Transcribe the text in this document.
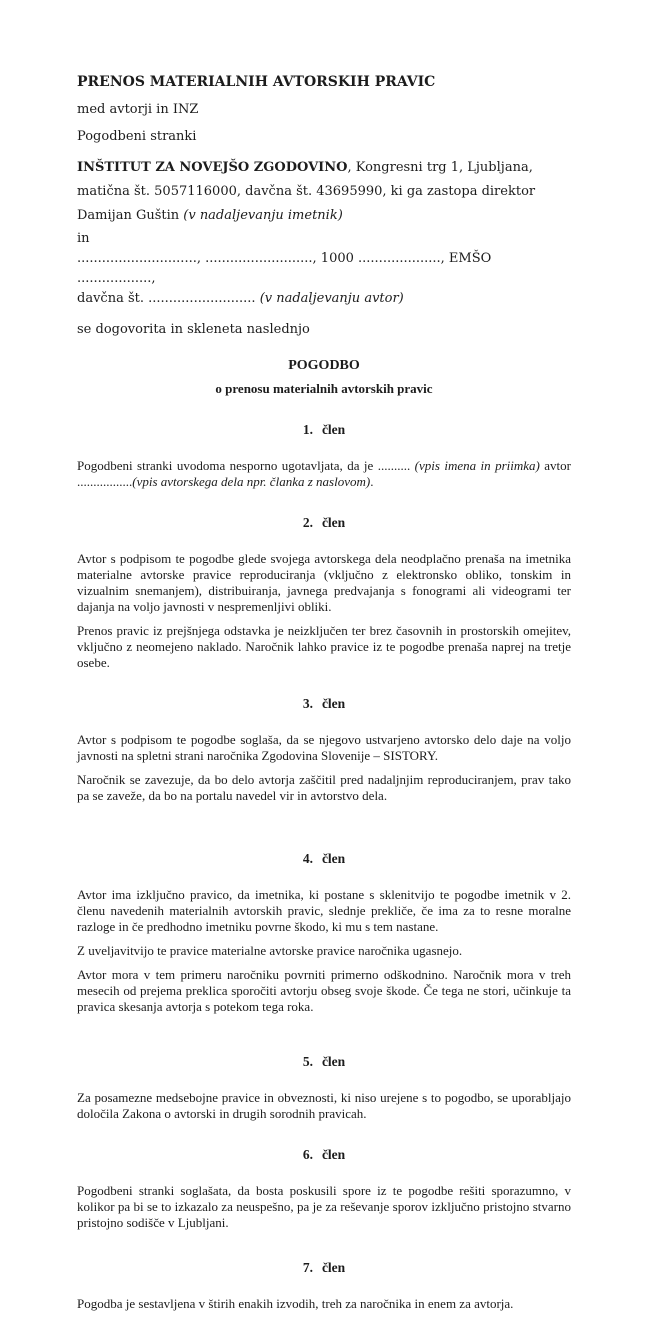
PRENOS MATERIALNIH AVTORSKIH PRAVIC

med avtorji in INZ

Pogodbeni stranki

INŠTITUT ZA NOVEJŠO ZGODOVINO, Kongresni trg 1, Ljubljana, matična št. 5057116000, davčna št. 43695990, ki ga zastopa direktor Damijan Guštin (v nadaljevanju imetnik)

in

............................., .........................., 1000 ...................., EMŠO ..................,

davčna št. .......................... (v nadaljevanju avtor)

se dogovorita in skleneta naslednjo

POGODBO
o prenosu materialnih avtorskih pravic
1. člen

Pogodbeni stranki uvodoma nesporno ugotavljata, da je .......... (vpis imena in priimka) avtor .................(vpis avtorskega dela npr. članka z naslovom).

2. člen

Avtor s podpisom te pogodbe glede svojega avtorskega dela neodplačno prenaša na imetnika materialne avtorske pravice reproduciranja (vključno z elektronsko obliko, tonskim in vizualnim snemanjem), distribuiranja, javnega predvajanja s fonogrami ali videogrami ter dajanja na voljo javnosti v nespremenljivi obliki.

Prenos pravic iz prejšnjega odstavka je neizključen ter brez časovnih in prostorskih omejitev, vključno z neomejeno naklado. Naročnik lahko pravice iz te pogodbe prenaša naprej na tretje osebe.

3. člen

Avtor s podpisom te pogodbe soglaša, da se njegovo ustvarjeno avtorsko delo daje na voljo javnosti na spletni strani naročnika Zgodovina Slovenije – SISTORY.

Naročnik se zavezuje, da bo delo avtorja zaščitil pred nadaljnjim reproduciranjem, prav tako pa se zaveže, da bo na portalu navedel vir in avtorstvo dela.

4. člen

Avtor ima izključno pravico, da imetnika, ki postane s sklenitvijo te pogodbe imetnik v 2. členu navedenih materialnih avtorskih pravic, slednje prekliče, če ima za to resne moralne razloge in če predhodno imetniku povrne škodo, ki mu s tem nastane.

Z uveljavitvijo te pravice materialne avtorske pravice naročnika ugasnejo.

Avtor mora v tem primeru naročniku povrniti primerno odškodnino. Naročnik mora v treh mesecih od prejema preklica sporočiti avtorju obseg svoje škode. Če tega ne stori, učinkuje ta pravica skesanja avtorja s potekom tega roka.

5. člen

Za posamezne medsebojne pravice in obveznosti, ki niso urejene s to pogodbo, se uporabljajo določila Zakona o avtorski in drugih sorodnih pravicah.

6. člen

Pogodbeni stranki soglašata, da bosta poskusili spore iz te pogodbe rešiti sporazumno, v kolikor pa bi se to izkazalo za neuspešno, pa je za reševanje sporov izključno pristojno stvarno pristojno sodišče v Ljubljani.

7. člen

Pogodba je sestavljena v štirih enakih izvodih, treh za naročnika in enem za avtorja.
